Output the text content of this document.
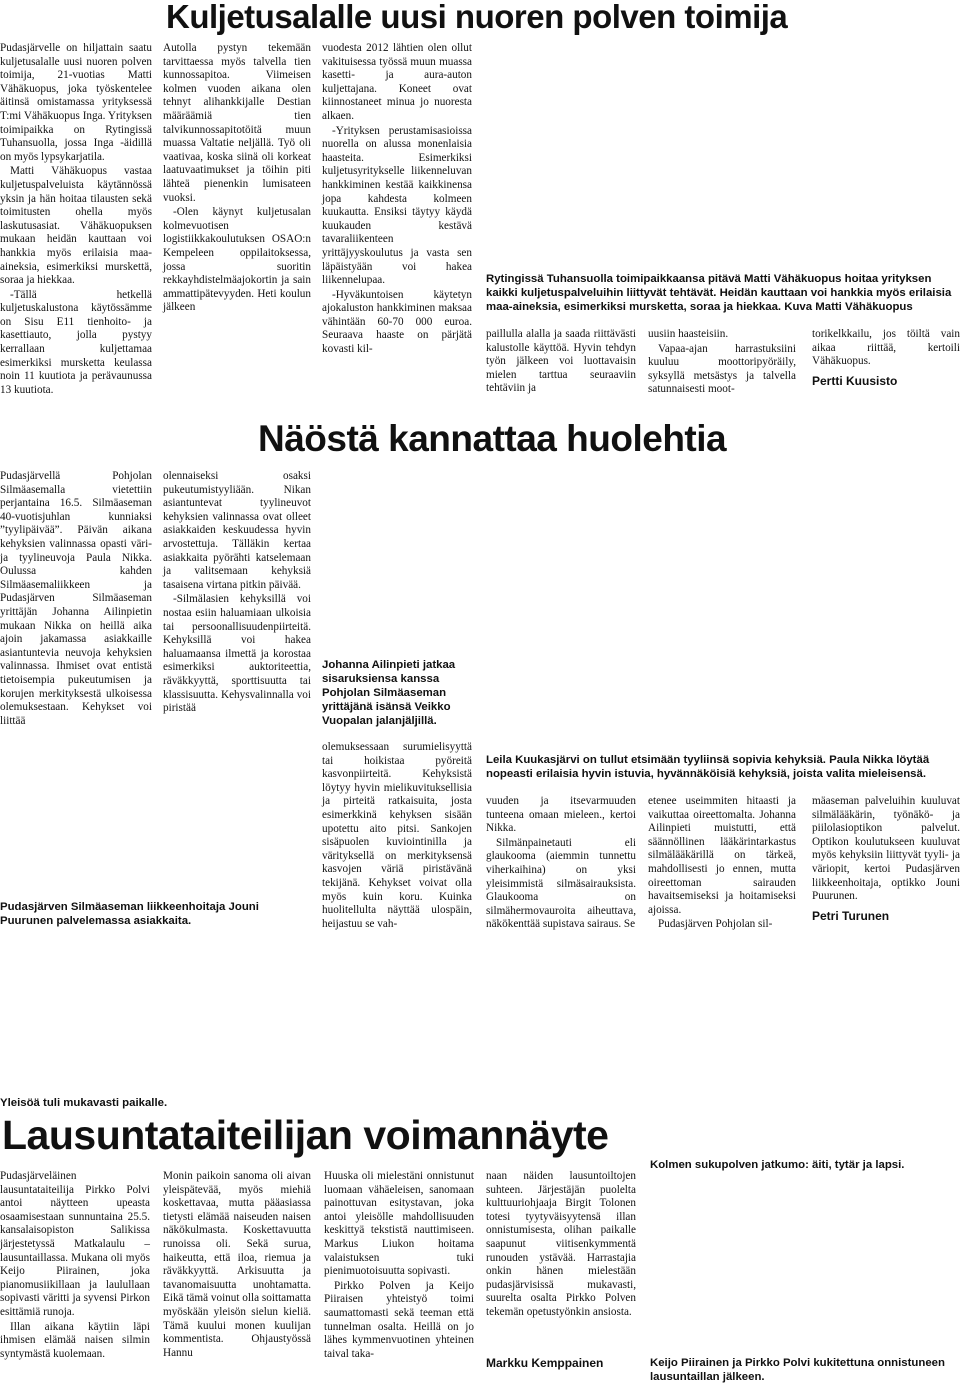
Kuljetusalalle uusi nuoren polven toimija

Pudasjärvelle on hiljattain saatu kuljetusalalle uusi nuoren polven toimija, 21-vuotias Matti Vähäkuopus, joka työskentelee äitinsä omistamassa yrityksessä T:mi Vähäkuopus Inga. Yrityksen toimipaikka on Rytingissä Tuhansuolla, jossa Inga -äidillä on myös lypsykarjatila.

Matti Vähäkuopus vastaa kuljetuspalveluista käytännössä yksin ja hän hoitaa tilausten sekä toimitusten ohella myös laskutusasiat. Vähäkuopuksen mukaan heidän kauttaan voi hankkia myös erilaisia maa-aineksia, esimerkiksi murskettä, soraa ja hiekkaa.

-Tällä hetkellä kuljetuskalustona käytössämme on Sisu E11 tienhoito- ja kasettiauto, jolla pystyy kerrallaan kuljettamaa esimerkiksi mursketta keulassa noin 11 kuutiota ja perävaunussa 13 kuutiota.

Autolla pystyn tekemään tarvittaessa myös talvella tien kunnossapitoa. Viimeisen kolmen vuoden aikana olen tehnyt alihankkijalle Destian määräämiä tien talvikunnossapitotöitä muun muassa Valtatie neljällä. Työ oli vaativaa, koska siinä oli korkeat laatuvaatimukset ja töihin piti lähteä pienenkin lumisateen vuoksi.

-Olen käynyt kuljetusalan kolmevuotisen logistiikkakoulutuksen OSAO:n Kempeleen oppilaitoksessa, jossa suoritin rekkayhdistelmäajokortin ja sain ammattipätevyyden. Heti koulun jälkeen

vuodesta 2012 lähtien olen ollut vakituisessa työssä muun muassa kasetti- ja aura-auton kuljettajana. Koneet ovat kiinnostaneet minua jo nuoresta alkaen.

-Yrityksen perustamisasioissa nuorella on alussa monenlaisia haasteita. Esimerkiksi kuljetusyritykselle liikenneluvan hankkiminen kestää kaikkinensa jopa kahdesta kolmeen kuukautta. Ensiksi täytyy käydä kuukauden kestävä tavaraliikenteen yrittäjyyskoulutus ja vasta sen läpäistyään voi hakea liikennelupaa.

-Hyväkuntoisen käytetyn ajokaluston hankkiminen maksaa vähintään 60-70 000 euroa. Seuraava haaste on pärjätä kovasti kil-

Rytingissä Tuhansuolla toimipaikkaansa pitävä Matti Vähäkuopus hoitaa yrityksen kaikki kuljetuspalveluihin liittyvät tehtävät. Heidän kauttaan voi hankkia myös erilaisia maa-aineksia, esimerkiksi mursketta, soraa ja hiekkaa. Kuva Matti Vähäkuopus

paillulla alalla ja saada riittävästi kalustolle käyttöä. Hyvin tehdyn työn jälkeen voi luottavaisin mielen tarttua seuraaviin tehtäviin ja

uusiin haasteisiin.

Vapaa-ajan harrastuksiini kuuluu moottoripyöräily, syksyllä metsästys ja talvella satunnaisesti moot-

torikelkkailu, jos töiltä vain aikaa riittää, kertoili Vähäkuopus.

Pertti Kuusisto
Näöstä kannattaa huolehtia

Pudasjärvellä Pohjolan Silmäasemalla vietettiin perjantaina 16.5. Silmäaseman 40-vuotisjuhlan kunniaksi ”tyylipäivää”. Päivän aikana kehyksien valinnassa opasti väri- ja tyylineuvoja Paula Nikka. Oulussa kahden Silmäasemaliikkeen ja Pudasjärven Silmäaseman yrittäjän Johanna Ailinpietin mukaan Nikka on heillä aika ajoin jakamassa asiakkaille asiantuntevia neuvoja kehyksien valinnassa. Ihmiset ovat entistä tietoisempia pukeutumisen ja korujen merkityksestä ulkoisessa olemuksestaan. Kehykset voi liittää

olennaiseksi osaksi pukeutumistyyliään. Nikan asiantuntevat tyylineuvot kehyksien valinnassa ovat olleet asiakkaiden keskuudessa hyvin arvostettuja. Tälläkin kertaa asiakkaita pyörähti katselemaan ja valitsemaan kehyksiä tasaisena virtana pitkin päivää.

-Silmälasien kehyksillä voi nostaa esiin haluamiaan ulkoisia tai persoonallisuudenpiirteitä. Kehyksillä voi hakea haluamaansa ilmettä ja korostaa esimerkiksi auktoriteettia, räväkkyyttä, sporttisuutta tai klassisuutta. Kehysvalinnalla voi piristää

Johanna Ailinpieti jatkaa sisaruksiensa kanssa Pohjolan Silmäaseman yrittäjänä isänsä Veikko Vuopalan jalanjäljillä.
Leila Kuukasjärvi on tullut etsimään tyyliinsä sopivia kehyksiä. Paula Nikka löytää nopeasti erilaisia hyvin istuvia, hyvännäköisiä kehyksiä, joista valita mieleisensä.
Pudasjärven Silmäaseman liikkeenhoitaja Jouni Puurunen palvelemassa asiakkaita.

olemuksessaan surumielisyyttä tai hoikistaa pyöreitä kasvonpiirteitä. Kehyksistä löytyy hyvin mielikuvituksellisia ja pirteitä ratkaisuita, josta esimerkkinä kehyksen sisään upotettu aito pitsi. Sankojen sisäpuolen kuviointinilla ja värityksellä on merkityksensä kasvojen väriä piristävänä tekijänä. Kehykset voivat olla myös kuin koru. Kuinka huolitellulta näyttää ulospäin, heijastuu se vah-

vuuden ja itsevarmuuden tunteena omaan mieleen., kertoi Nikka.

Silmänpainetauti eli glaukooma (aiemmin tunnettu viherkaihina) on yksi yleisimmistä silmäsairauksista. Glaukooma on silmähermovauroita aiheuttava, näkökenttää supistava sairaus. Se

etenee useimmiten hitaasti ja vaikuttaa oireettomalta. Johanna Ailinpieti muistutti, että säännöllinen lääkärintarkastus silmälääkärillä on tärkeä, mahdollisesti jo ennen, mutta oireettoman sairauden havaitsemiseksi ja hoitamiseksi ajoissa.

Pudasjärven Pohjolan sil-

mäaseman palveluihin kuuluvat silmälääkärin, työnäkö- ja piilolasioptikon palvelut. Optikon koulutukseen kuuluvat myös kehyksiin liittyvät tyyli- ja väriopit, kertoi Pudasjärven liikkeenhoitaja, optikko Jouni Puurunen.

Petri Turunen
Yleisöä tuli mukavasti paikalle.
Lausuntataiteilijan voimannäyte

Pudasjärveläinen lausuntataiteilija Pirkko Polvi antoi näytteen upeasta osaamisestaan sunnuntaina 25.5. kansalaisopiston Salikissa järjestetyssä Matkalaulu – lausuntaillassa. Mukana oli myös Keijo Piirainen, joka pianomusiikillaan ja laulullaan sopivasti väritti ja syvensi Pirkon esittämiä runoja.

Illan aikana käytiin läpi ihmisen elämää naisen silmin syntymästä kuolemaan.

Monin paikoin sanoma oli aivan yleispätevää, myös miehiä koskettavaa, mutta pääasiassa tietysti elämää naiseuden naisen näkökulmasta. Koskettavuutta runoissa oli. Sekä surua, haikeutta, että iloa, riemua ja räväkkyyttä. Arkisuutta ja tavanomaisuutta unohtamatta. Eikä tämä voinut olla soittamatta myöskään yleisön sielun kieliä. Tämä kuului monen kuulijan kommentista. Ohjaustyössä Hannu

Huuska oli mielestäni onnistunut luomaan vähäeleisen, sanomaan painottuvan esitystavan, joka antoi yleisölle mahdollisuuden keskittyä tekstistä nauttimiseen. Markus Liukon hoitama valaistuksen tuki pienimuotoisuutta sopivasti.

Pirkko Polven ja Keijo Piiraisen yhteistyö toimi saumattomasti sekä teeman että tunnelman osalta. Heillä on jo lähes kymmenvuotinen yhteinen taival taka-

naan näiden lausuntoiltojen suhteen. Järjestäjän puolelta kulttuuriohjaaja Birgit Tolonen totesi tyytyväisyytensä illan onnistumisesta, olihan paikalle saapunut viitisenkymmentä runouden ystävää. Harrastajia onkin hänen mielestään pudasjärvisissä mukavasti, suurelta osalta Pirkko Polven tekemän opetustyönkin ansiosta.

Markku Kemppainen
Kolmen sukupolven jatkumo: äiti, tytär ja lapsi.
Keijo Piirainen ja Pirkko Polvi kukitettuna onnistuneen lausuntaillan jälkeen.
